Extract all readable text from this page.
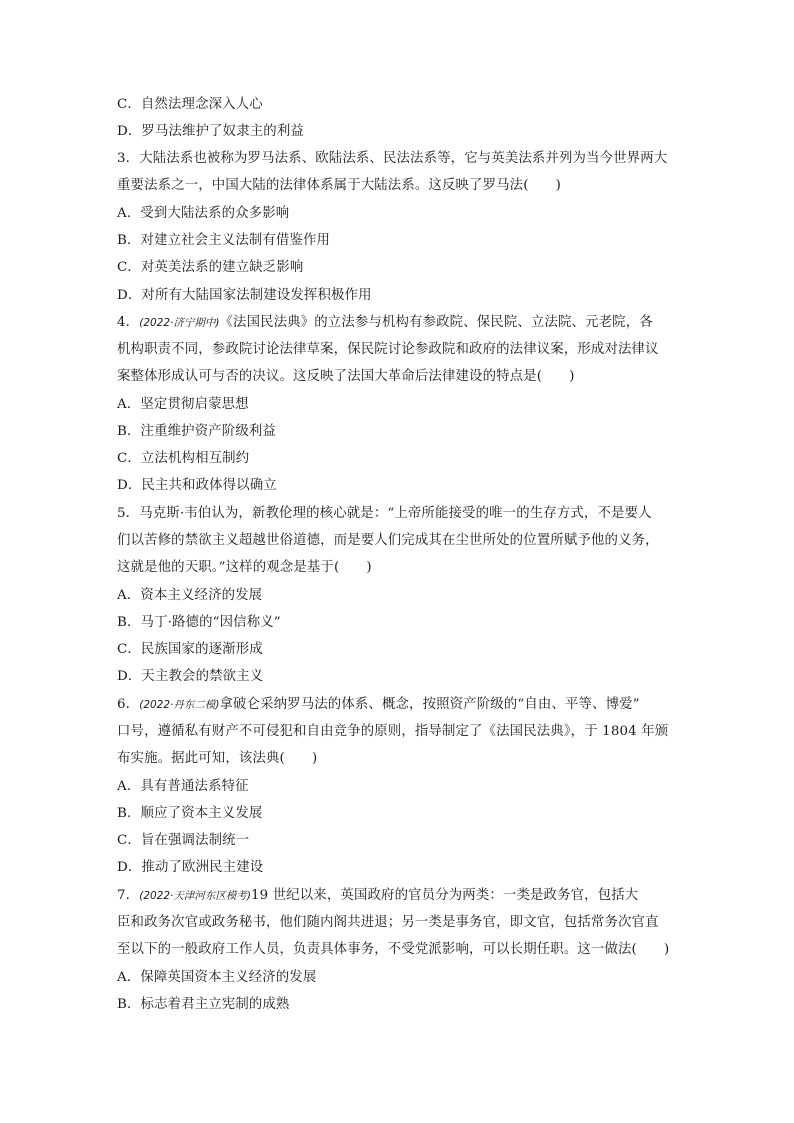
C．自然法理念深入人心
D．罗马法维护了奴隶主的利益
3．大陆法系也被称为罗马法系、欧陆法系、民法法系等，它与英美法系并列为当今世界两大
重要法系之一，中国大陆的法律体系属于大陆法系。这反映了罗马法(　　)
A．受到大陆法系的众多影响
B．对建立社会主义法制有借鉴作用
C．对英美法系的建立缺乏影响
D．对所有大陆国家法制建设发挥积极作用
4．(2022·济宁期中)《法国民法典》的立法参与机构有参政院、保民院、立法院、元老院，各
机构职责不同，参政院讨论法律草案，保民院讨论参政院和政府的法律议案，形成对法律议
案整体形成认可与否的决议。这反映了法国大革命后法律建设的特点是(　　)
A．坚定贯彻启蒙思想
B．注重维护资产阶级利益
C．立法机构相互制约
D．民主共和政体得以确立
5．马克斯·韦伯认为，新教伦理的核心就是：“上帝所能接受的唯一的生存方式，不是要人
们以苦修的禁欲主义超越世俗道德，而是要人们完成其在尘世所处的位置所赋予他的义务，
这就是他的天职。”这样的观念是基于(　　)
A．资本主义经济的发展
B．马丁·路德的“因信称义”
C．民族国家的逐渐形成
D．天主教会的禁欲主义
6．(2022·丹东二模)拿破仑采纳罗马法的体系、概念，按照资产阶级的“自由、平等、博爱”
口号，遵循私有财产不可侵犯和自由竞争的原则，指导制定了《法国民法典》，于 1804 年颁
布实施。据此可知，该法典(　　)
A．具有普通法系特征
B．顺应了资本主义发展
C．旨在强调法制统一
D．推动了欧洲民主建设
7．(2022·天津河东区模考)19 世纪以来，英国政府的官员分为两类：一类是政务官，包括大
臣和政务次官或政务秘书，他们随内阁共进退；另一类是事务官，即文官，包括常务次官直
至以下的一般政府工作人员，负责具体事务，不受党派影响，可以长期任职。这一做法(　　)
A．保障英国资本主义经济的发展
B．标志着君主立宪制的成熟
